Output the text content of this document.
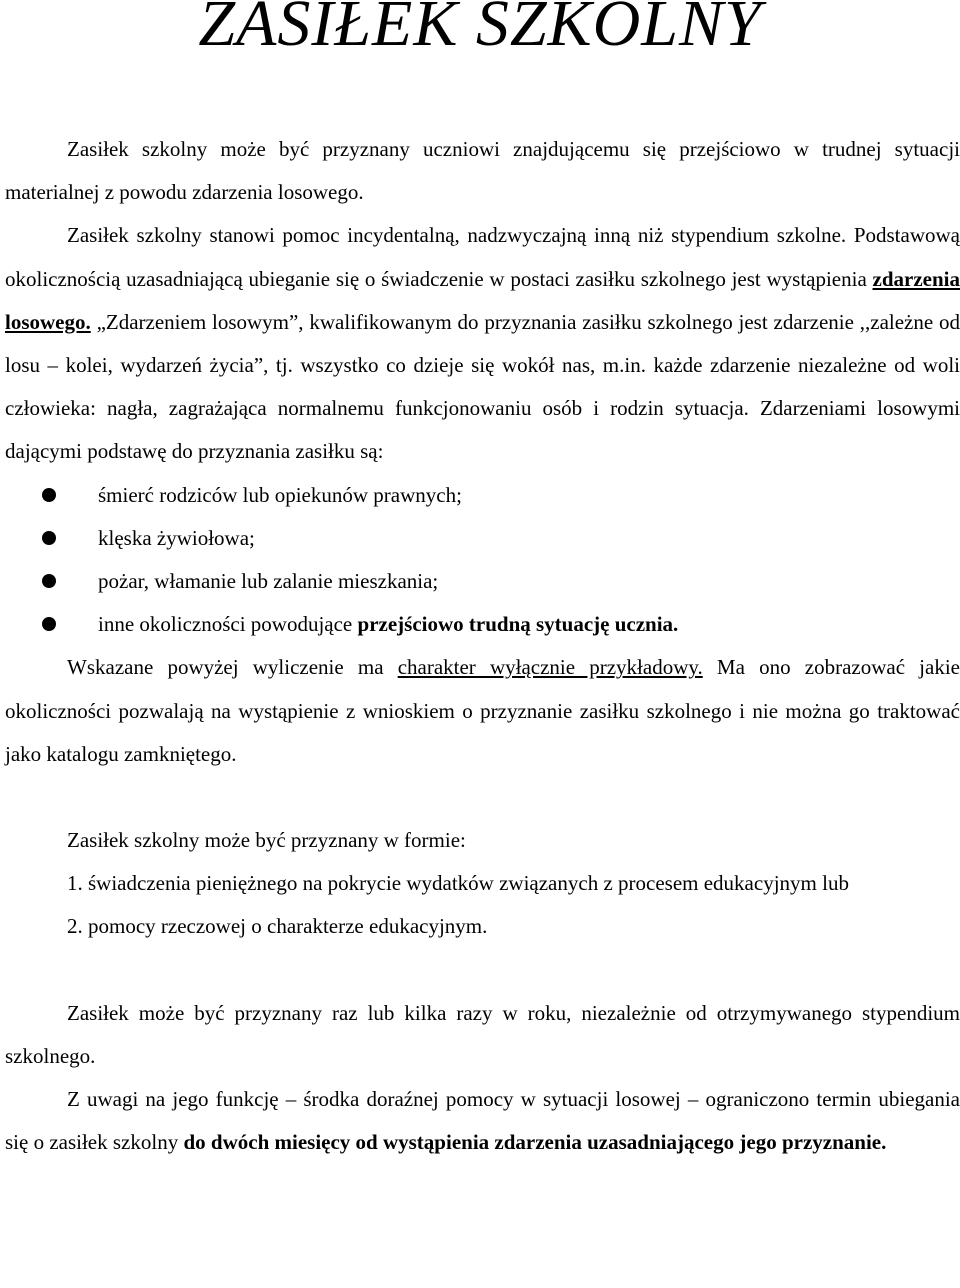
ZASIŁEK SZKOLNY

Zasiłek szkolny może być przyznany uczniowi znajdującemu się przejściowo w trudnej sytuacji materialnej z powodu zdarzenia losowego.

Zasiłek szkolny stanowi pomoc incydentalną, nadzwyczajną inną niż stypendium szkolne. Podstawową okolicznością uzasadniającą ubieganie się o świadczenie w postaci zasiłku szkolnego jest wystąpienia zdarzenia losowego. „Zdarzeniem losowym”, kwalifikowanym do przyznania zasiłku szkolnego jest zdarzenie ,,zależne od losu – kolei, wydarzeń życia”, tj. wszystko co dzieje się wokół nas, m.in. każde zdarzenie niezależne od woli człowieka: nagła, zagrażająca normalnemu funkcjonowaniu osób i rodzin sytuacja. Zdarzeniami losowymi dającymi podstawę do przyznania zasiłku są:

śmierć rodziców lub opiekunów prawnych;
klęska żywiołowa;
pożar, włamanie lub zalanie mieszkania;
inne okoliczności powodujące przejściowo trudną sytuację ucznia.

Wskazane powyżej wyliczenie ma charakter wyłącznie przykładowy. Ma ono zobrazować jakie okoliczności pozwalają na wystąpienie z wnioskiem o przyznanie zasiłku szkolnego i nie można go traktować jako katalogu zamkniętego.

Zasiłek szkolny może być przyznany w formie:

1. świadczenia pieniężnego na pokrycie wydatków związanych z procesem edukacyjnym lub
2. pomocy rzeczowej o charakterze edukacyjnym.

Zasiłek może być przyznany raz lub kilka razy w roku, niezależnie od otrzymywanego stypendium szkolnego.

Z uwagi na jego funkcję – środka doraźnej pomocy w sytuacji losowej – ograniczono termin ubiegania się o zasiłek szkolny do dwóch miesięcy od wystąpienia zdarzenia uzasadniającego jego przyznanie.
